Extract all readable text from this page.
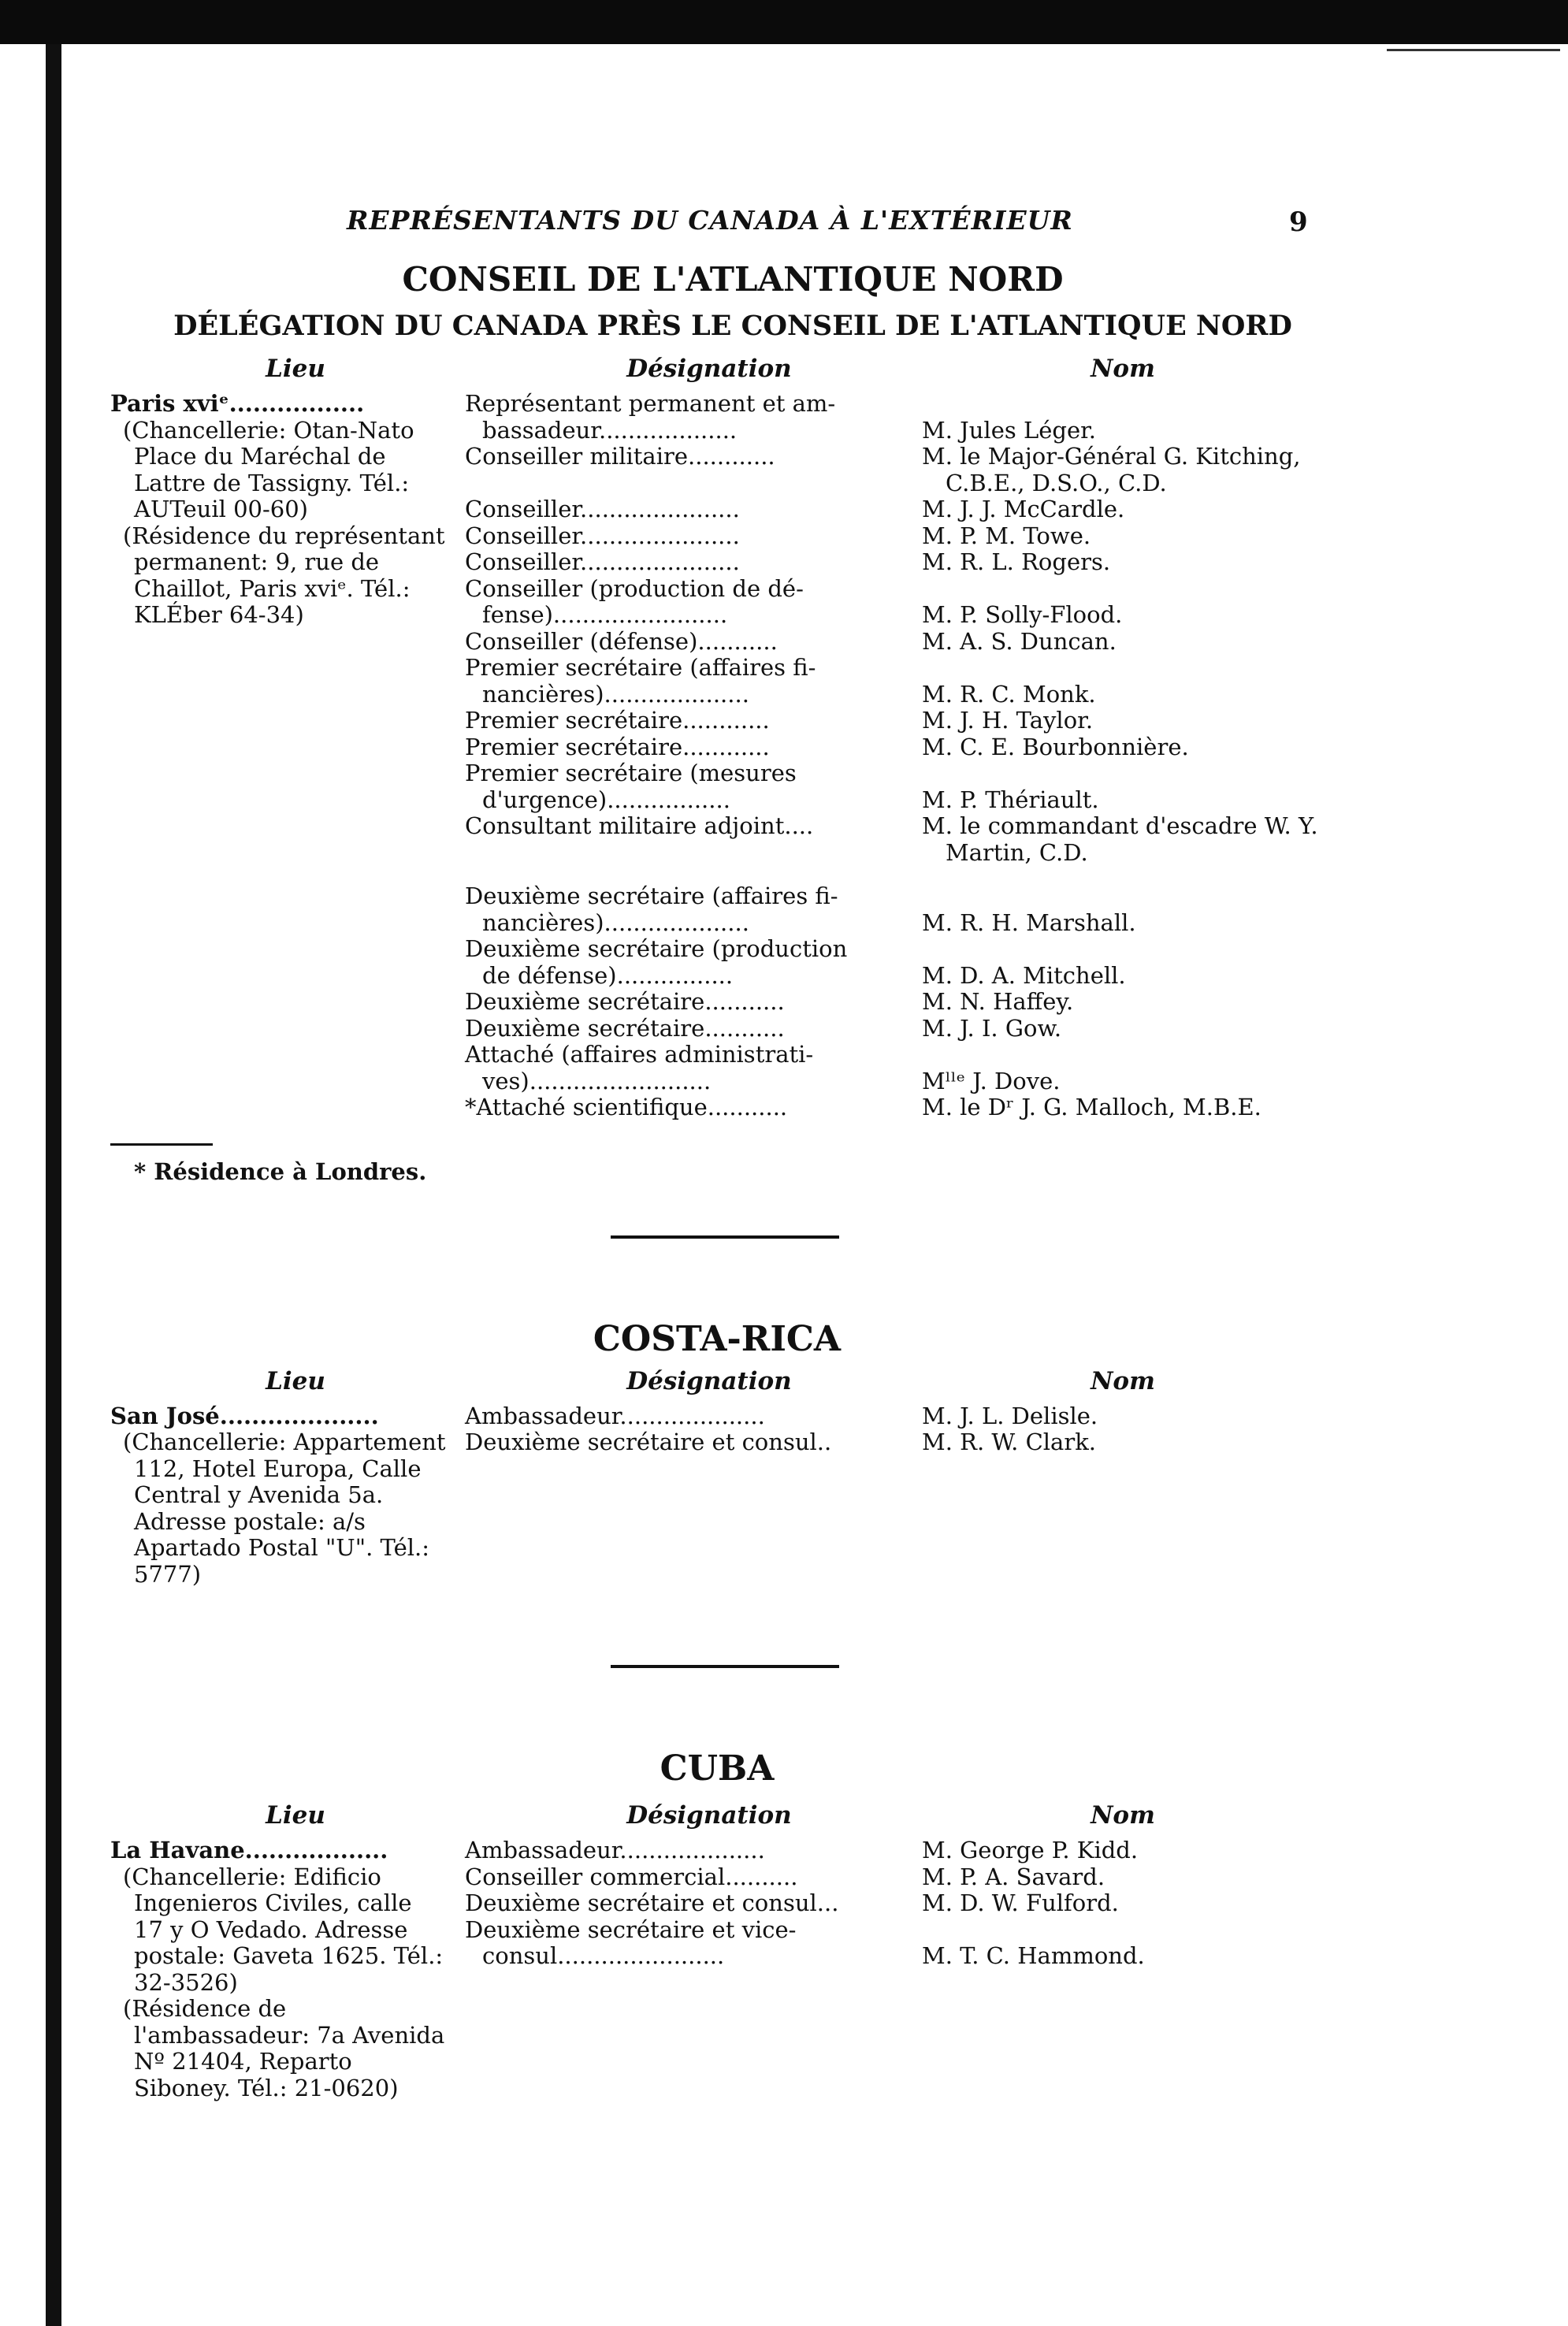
REPRÉSENTANTS DU CANADA À L'EXTÉRIEUR	9
CONSEIL DE L'ATLANTIQUE NORD
DÉLÉGATION DU CANADA PRÈS LE CONSEIL DE L'ATLANTIQUE NORD
Lieu	Désignation	Nom
Paris xviᵉ.................
(Chancellerie: Otan-Nato Place du Maréchal de Lattre de Tassigny. Tél.: AUTeuil 00-60)
(Résidence du représentant permanent: 9, rue de Chaillot, Paris xviᵉ. Tél.: KLÉber 64-34)
Représentant permanent et am-
bassadeur...................	M. Jules Léger.
Conseiller militaire............	M. le Major-Général G. Kitching, C.B.E., D.S.O., C.D.
Conseiller......................	M. J. J. McCardle.
Conseiller......................	M. P. M. Towe.
Conseiller......................	M. R. L. Rogers.
Conseiller (production de dé-
fense)........................	M. P. Solly-Flood.
Conseiller (défense)...........	M. A. S. Duncan.
Premier secrétaire (affaires fi-
nancières)....................	M. R. C. Monk.
Premier secrétaire............	M. J. H. Taylor.
Premier secrétaire............	M. C. E. Bourbonnière.
Premier secrétaire (mesures
d'urgence).................	M. P. Thériault.
Consultant militaire adjoint....	M. le commandant d'escadre W. Y. Martin, C.D.
Deuxième secrétaire (affaires fi-
nancières)....................	M. R. H. Marshall.
Deuxième secrétaire (production
de défense)................	M. D. A. Mitchell.
Deuxième secrétaire...........	M. N. Haffey.
Deuxième secrétaire...........	M. J. I. Gow.
Attaché (affaires administrati-
ves).........................	Mˡˡᵉ J. Dove.
*Attaché scientifique...........	M. le Dʳ J. G. Malloch, M.B.E.
* Résidence à Londres.
COSTA-RICA
Lieu	Désignation	Nom
San José....................
(Chancellerie: Appartement 112, Hotel Europa, Calle Central y Avenida 5a. Adresse postale: a/s Apartado Postal "U". Tél.: 5777)
Ambassadeur....................	M. J. L. Delisle.
Deuxième secrétaire et consul..	M. R. W. Clark.
CUBA
Lieu	Désignation	Nom
La Havane..................
(Chancellerie: Edificio Ingenieros Civiles, calle 17 y O Vedado. Adresse postale: Gaveta 1625. Tél.: 32-3526)
(Résidence de l'ambassadeur: 7a Avenida Nº 21404, Reparto Siboney. Tél.: 21-0620)
Ambassadeur....................	M. George P. Kidd.
Conseiller commercial..........	M. P. A. Savard.
Deuxième secrétaire et consul...	M. D. W. Fulford.
Deuxième secrétaire et vice-
consul.......................	M. T. C. Hammond.
